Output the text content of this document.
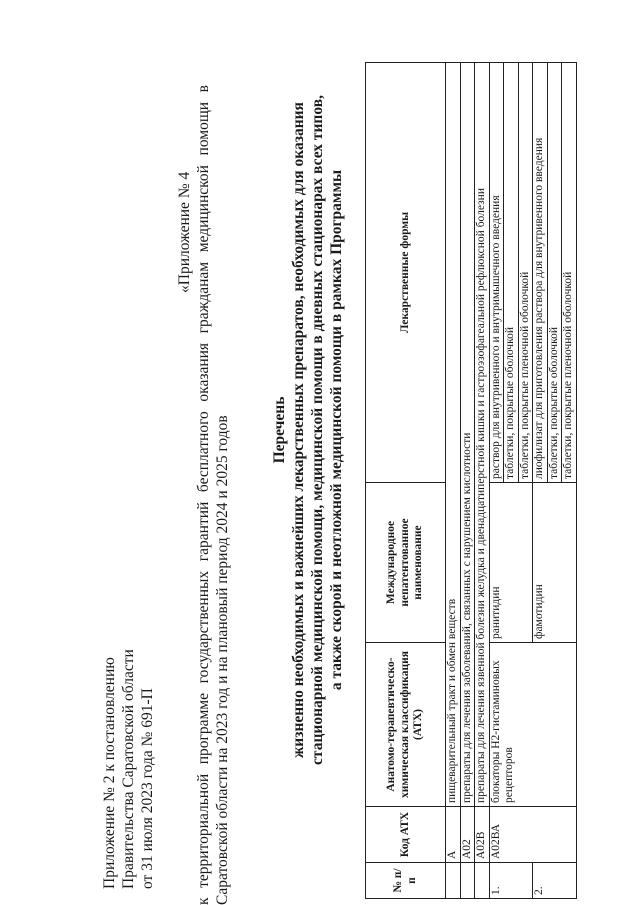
Приложение № 2 к постановлению Правительства Саратовской области от 31 июля 2023 года № 691-П
«Приложение № 4 к территориальной программе государственных гарантий бесплатного оказания гражданам медицинской помощи в Саратовской области на 2023 год и на плановый период 2024 и 2025 годов	Перечень жизненно необходимых и важнейших лекарственных препаратов, необходимых для оказания стационарной медицинской помощи, медицинской помощи в дневных стационарах всех типов, а также скорой и неотложной медицинской помощи в рамках Программы
№ п/п	Код АТХ	Анатомо-терапевтическо-химическая классификация (АТХ)	Международное непатентованное наименование	Лекарственные формы
	А	пищеварительный тракт и обмен веществ		
	А02	препараты для лечения заболеваний, связанных с нарушением кислотности		
	А02В	препараты для лечения язвенной болезни желудка и двенадцатиперстной кишки и гастроэзофагеальной рефлюксной болезни		
1.	А02ВА	блокаторы Н2-гистаминовых рецепторов	ранитидин	раствор для внутривенного и внутримышечного введения
				таблетки, покрытые оболочкой
				таблетки, покрытые пленочной оболочкой
2.			фамотидин	лиофилизат для приготовления раствора для внутривенного введения
				таблетки, покрытые оболочкой
				таблетки, покрытые пленочной оболочкой
